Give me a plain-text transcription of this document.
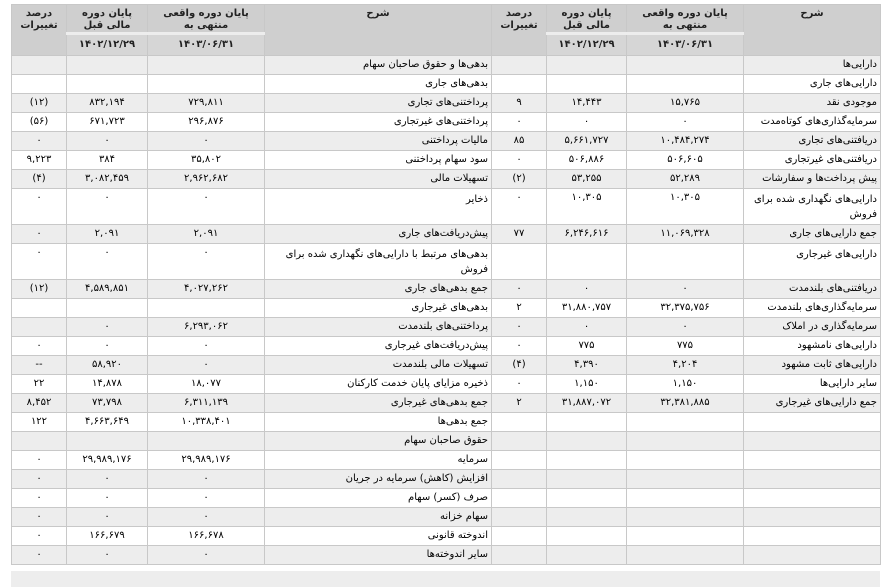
شرح	پایان دوره واقعی منتهی به	پایان دوره مالی قبل	درصد تغییرات	شرح	پایان دوره واقعی منتهی به	پایان دوره مالی قبل	درصد تغییرات
	۱۴۰۳/۰۶/۳۱	۱۴۰۲/۱۲/۲۹			۱۴۰۳/۰۶/۳۱	۱۴۰۲/۱۲/۲۹	
دارایی‌ها				بدهی‌ها و حقوق صاحبان سهام			
دارایی‌های جاری				بدهی‌های جاری			
موجودی نقد	۱۵,۷۶۵	۱۴,۴۴۳	۹	پرداختنی‌های تجاری	۷۲۹,۸۱۱	۸۳۲,۱۹۴	(۱۲)
سرمایه‌گذاری‌های کوتاه‌مدت	۰	۰	۰	پرداختنی‌های غیرتجاری	۲۹۶,۸۷۶	۶۷۱,۷۲۳	(۵۶)
دریافتنی‌های تجاری	۱۰,۴۸۴,۲۷۴	۵,۶۶۱,۷۲۷	۸۵	مالیات پرداختنی	۰	۰	۰
دریافتنی‌های غیرتجاری	۵۰۶,۶۰۵	۵۰۶,۸۸۶	۰	سود سهام پرداختنی	۳۵,۸۰۲	۳۸۴	۹,۲۲۳
پیش پرداخت‌ها و سفارشات	۵۲,۲۸۹	۵۳,۲۵۵	(۲)	تسهیلات مالی	۲,۹۶۲,۶۸۲	۳,۰۸۲,۴۵۹	(۴)
دارایی‌های نگهداری شده برای فروش	۱۰,۳۰۵	۱۰,۳۰۵	۰	ذخایر	۰	۰	۰
جمع دارایی‌های جاری	۱۱,۰۶۹,۳۲۸	۶,۲۴۶,۶۱۶	۷۷	پیش‌دریافت‌های جاری	۲,۰۹۱	۲,۰۹۱	۰
دارایی‌های غیرجاری				بدهی‌های مرتبط با دارایی‌های نگهداری شده برای فروش	۰	۰	۰
دریافتنی‌های بلندمدت	۰	۰	۰	جمع بدهی‌های جاری	۴,۰۲۷,۲۶۲	۴,۵۸۹,۸۵۱	(۱۲)
سرمایه‌گذاری‌های بلندمدت	۳۲,۳۷۵,۷۵۶	۳۱,۸۸۰,۷۵۷	۲	بدهی‌های غیرجاری			
سرمایه‌گذاری در املاک	۰	۰	۰	پرداختنی‌های بلندمدت	۶,۲۹۳,۰۶۲	۰	
دارایی‌های نامشهود	۷۷۵	۷۷۵	۰	پیش‌دریافت‌های غیرجاری	۰	۰	۰
دارایی‌های ثابت مشهود	۴,۲۰۴	۴,۳۹۰	(۴)	تسهیلات مالی بلندمدت	۰	۵۸,۹۲۰	--
سایر دارایی‌ها	۱,۱۵۰	۱,۱۵۰	۰	ذخیره مزایای پایان خدمت کارکنان	۱۸,۰۷۷	۱۴,۸۷۸	۲۲
جمع دارایی‌های غیرجاری	۳۲,۳۸۱,۸۸۵	۳۱,۸۸۷,۰۷۲	۲	جمع بدهی‌های غیرجاری	۶,۳۱۱,۱۳۹	۷۳,۷۹۸	۸,۴۵۲
				جمع بدهی‌ها	۱۰,۳۳۸,۴۰۱	۴,۶۶۳,۶۴۹	۱۲۲
				حقوق صاحبان سهام			
				سرمایه	۲۹,۹۸۹,۱۷۶	۲۹,۹۸۹,۱۷۶	۰
				افزایش (کاهش) سرمایه در جریان	۰	۰	۰
				صرف (کسر) سهام	۰	۰	۰
				سهام خزانه	۰	۰	۰
				اندوخته قانونی	۱۶۶,۶۷۸	۱۶۶,۶۷۹	۰
				سایر اندوخته‌ها	۰	۰	۰
